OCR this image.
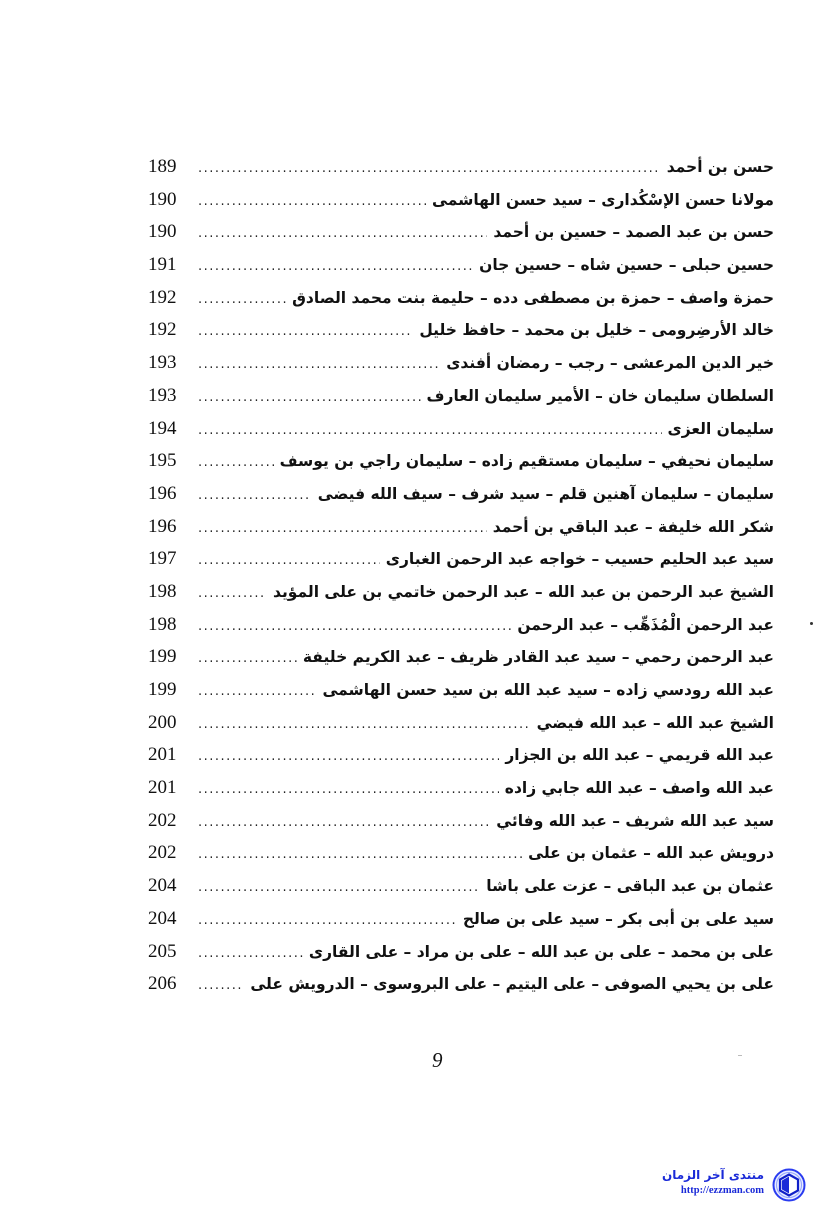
حسن بن أحمد
.....
189
مولانا حسن الإسْكُدارى – سيد حسن الهاشمى
.....
190
حسن بن عبد الصمد – حسين بن أحمد
.....
190
حسين حبلى – حسين شاه – حسين جان
.....
191
حمزة واصف – حمزة بن مصطفى دده – حليمة بنت محمد الصادق
.....
192
خالد الأرضِرومى – خليل بن محمد – حافظ خليل
.....
192
خير الدين المرعشى – رجب – رمضان أفندى
.....
193
السلطان سليمان خان – الأمير سليمان العارف
.....
193
سليمان العزى
.....
194
سليمان نحيفي – سليمان مستقيم زاده – سليمان راجي بن يوسف
.....
195
سليمان – سليمان آهنين قلم – سيد شرف – سيف الله فيضى
.....
196
شكر الله خليفة – عبد الباقي بن أحمد
.....
196
سيد عبد الحليم حسيب – خواجه عبد الرحمن الغبارى
.....
197
الشيخ عبد الرحمن بن عبد الله – عبد الرحمن خاتمي بن على المؤيد
.....
198
عبد الرحمن الْمُذَهِّب – عبد الرحمن
.....
198
عبد الرحمن رحمي – سيد عبد القادر ظريف – عبد الكريم خليفة
.....
199
عبد الله رودسي زاده – سيد عبد الله بن سيد حسن الهاشمى
.....
199
الشيخ عبد الله – عبد الله فيضي
.....
200
عبد الله قريمي – عبد الله بن الجزار
.....
201
عبد الله واصف – عبد الله جابي زاده
.....
201
سيد عبد الله شريف – عبد الله وفائي
.....
202
درويش عبد الله – عثمان بن على
.....
202
عثمان بن عبد الباقى – عزت على باشا
.....
204
سيد على بن أبى بكر – سيد على بن صالح
.....
204
على بن محمد – على بن عبد الله – على بن مراد – على القارى
.....
205
على بن يحيي الصوفى – على اليتيم – على البروسوى – الدرويش على
.....
206
9
منتدى آخر الزمان
http://ezzman.com
